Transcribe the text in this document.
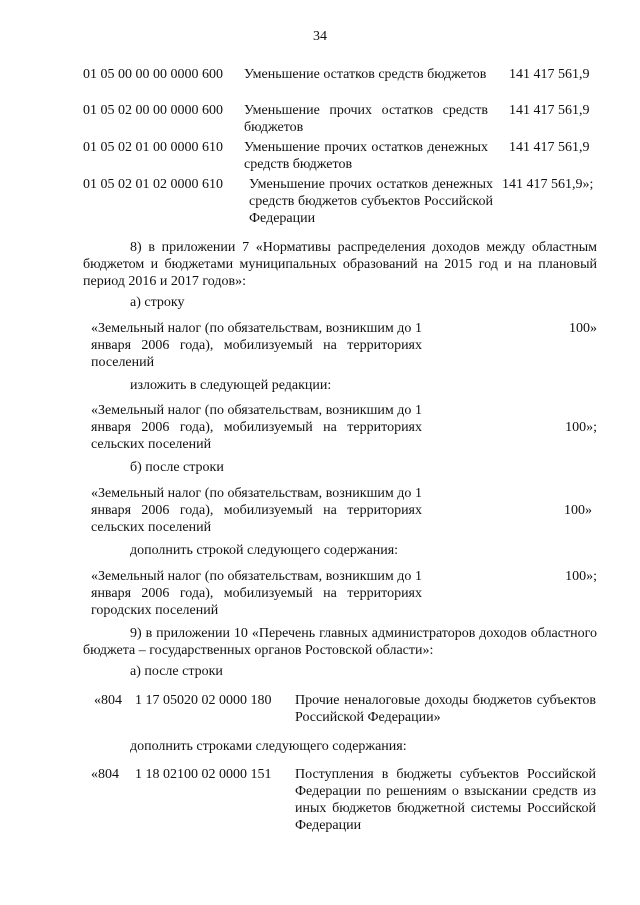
34
01 05 00 00 00 0000 600 Уменьшение остатков средств бюджетов 141 417 561,9
01 05 02 00 00 0000 600 Уменьшение прочих остатков средств бюджетов
141 417 561,9
01 05 02 01 00 0000 610 Уменьшение прочих остатков денежных средств бюджетов
141 417 561,9
01 05 02 01 02 0000 610 Уменьшение прочих остатков денежных средств бюджетов субъектов Российской Федерации
141 417 561,9»;
8) в приложении 7 «Нормативы распределения доходов между областным бюджетом и бюджетами муниципальных образований на 2015 год и на плановый период 2016 и 2017 годов»:
а) строку
«Земельный налог (по обязательствам, возникшим до 1 января 2006 года), мобилизуемый на территориях поселений
100»
изложить в следующей редакции:
«Земельный налог (по обязательствам, возникшим до 1 января 2006 года), мобилизуемый на территориях сельских поселений
100»;
б) после строки
«Земельный налог (по обязательствам, возникшим до 1 января 2006 года), мобилизуемый на территориях сельских поселений
100»
дополнить строкой следующего содержания:
«Земельный налог (по обязательствам, возникшим до 1 января 2006 года), мобилизуемый на территориях городских поселений
100»;
9) в приложении 10 «Перечень главных администраторов доходов областного бюджета – государственных органов Ростовской области»:
а) после строки
«804 1 17 05020 02 0000 180 Прочие неналоговые доходы бюджетов субъектов Российской Федерации»
дополнить строками следующего содержания:
«804 1 18 02100 02 0000 151 Поступления в бюджеты субъектов Российской Федерации по решениям о взыскании средств из иных бюджетов бюджетной системы Российской Федерации
